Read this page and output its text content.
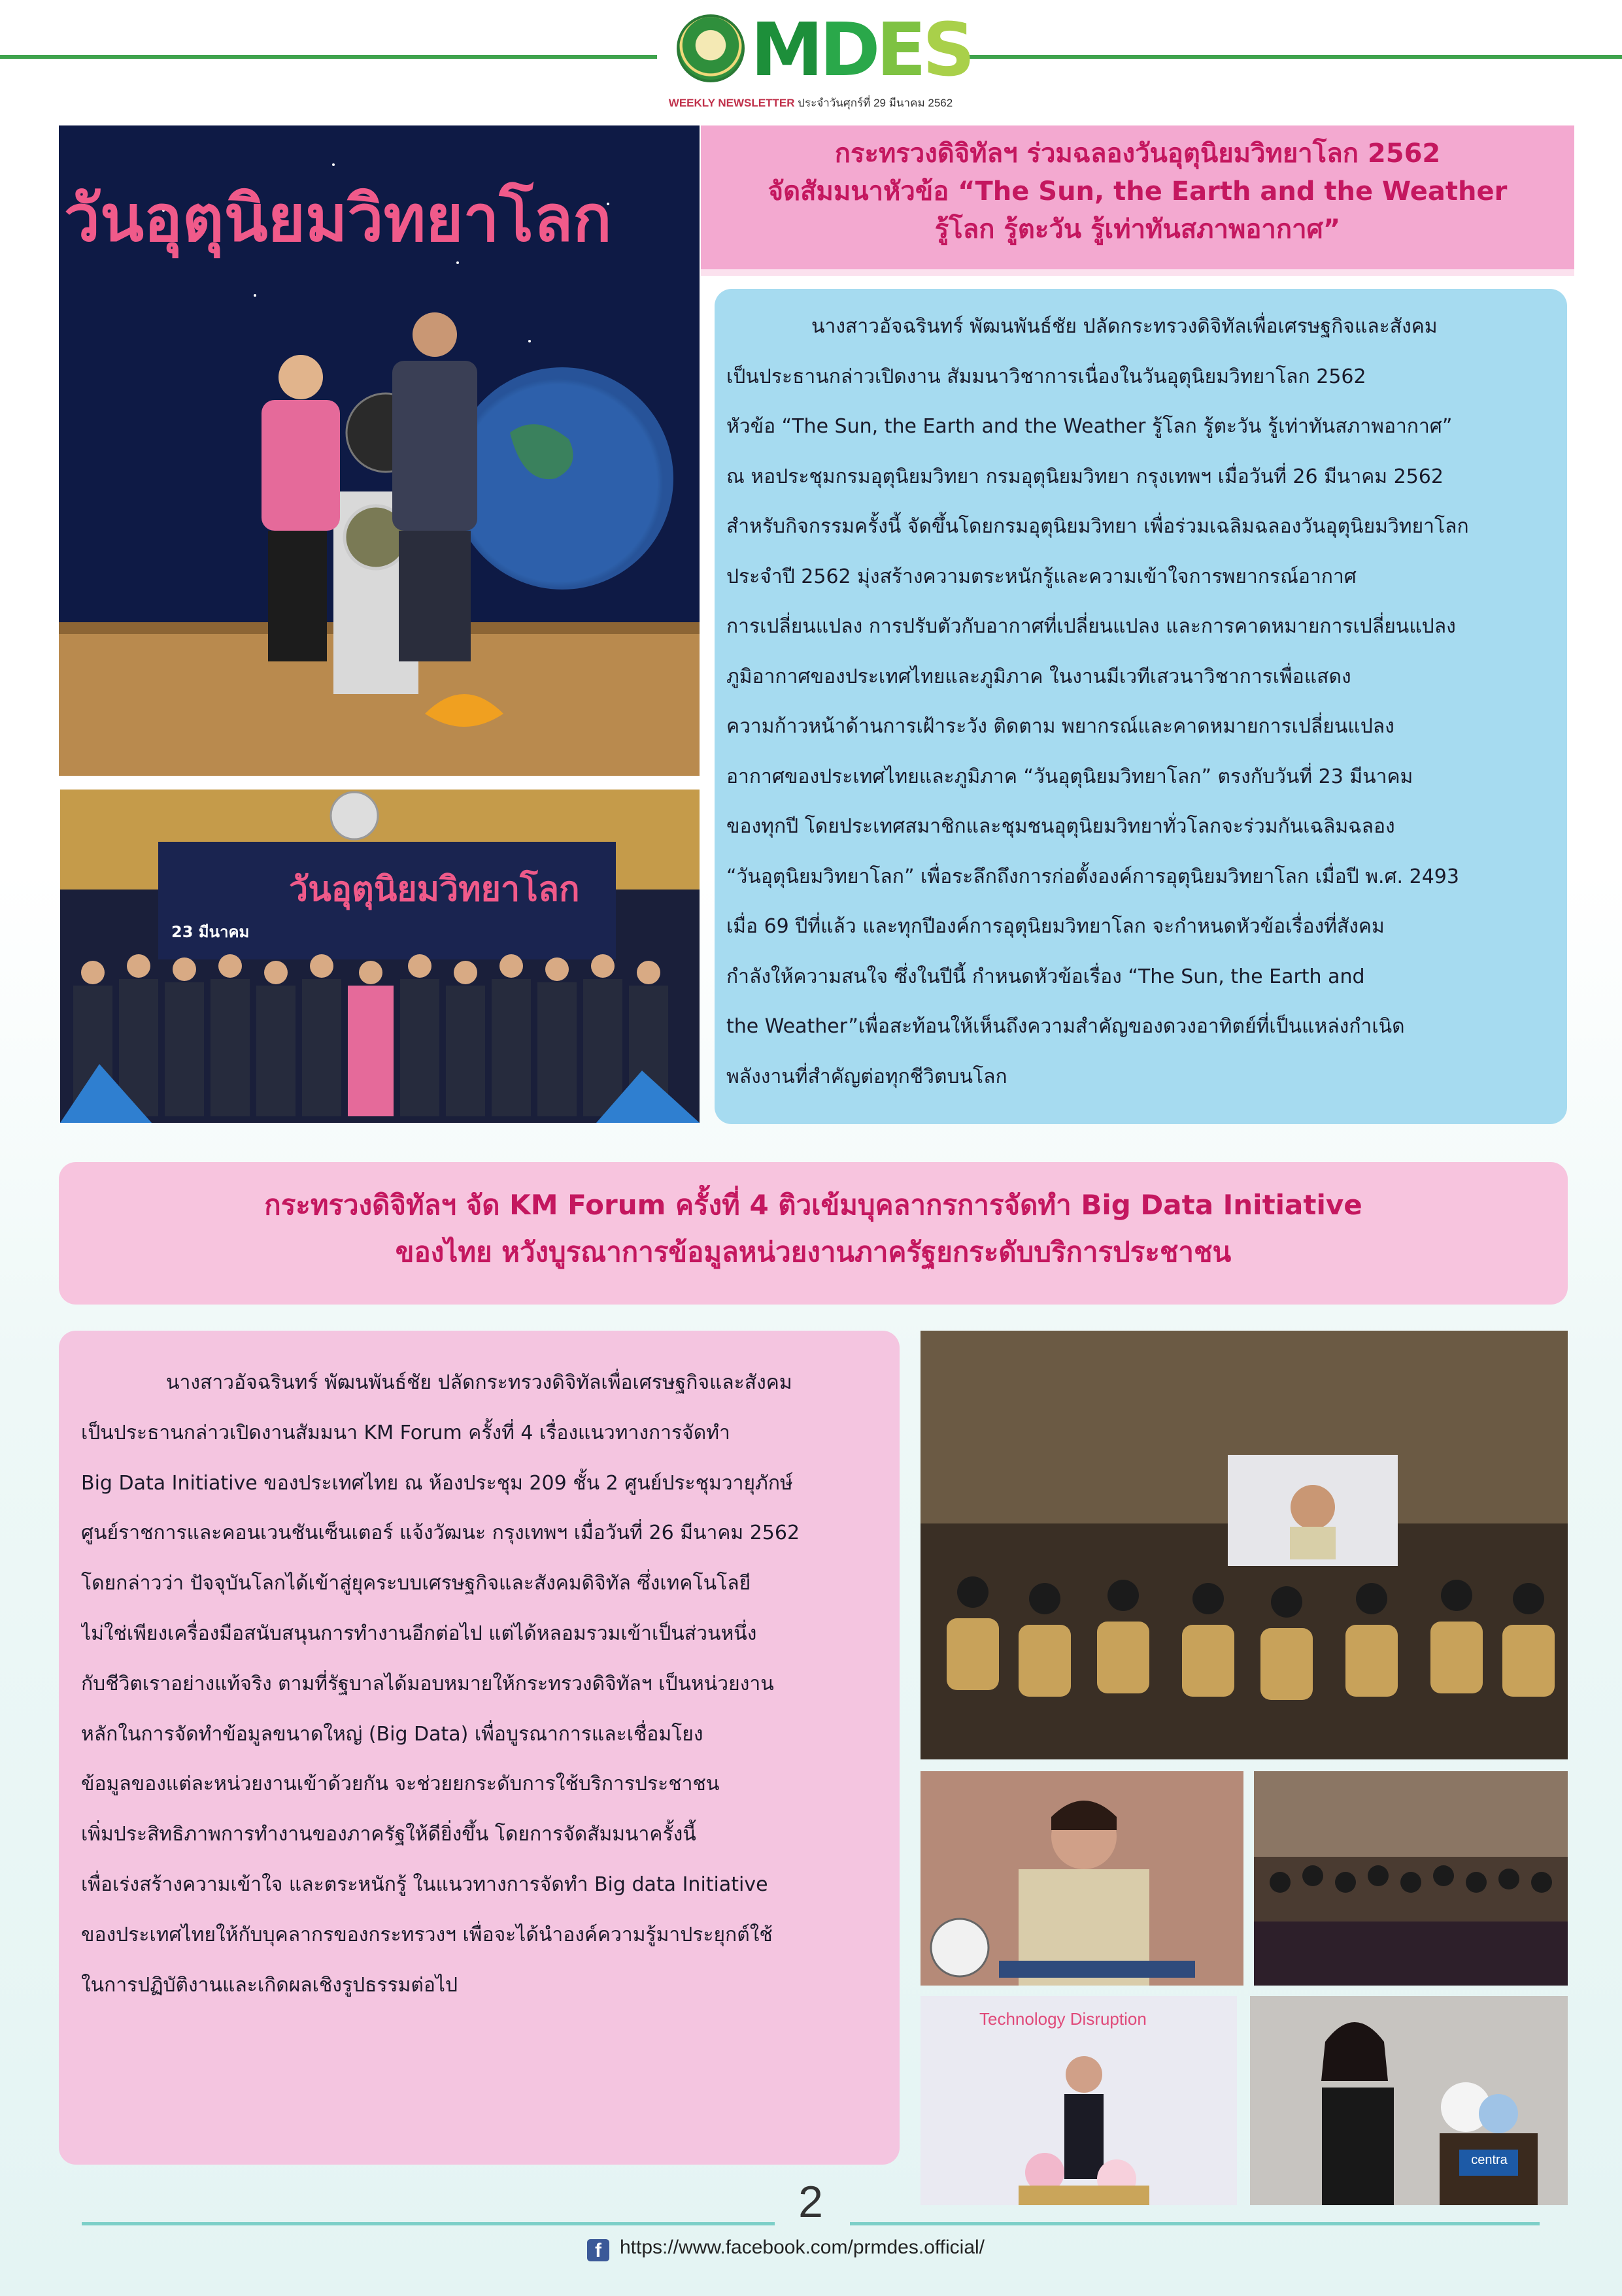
M D E S
WEEKLY NEWSLETTER ประจำวันศุกร์ที่ 29 มีนาคม 2562
วันอุตุนิยมวิทยาโลก
วันอุตุนิยมวิทยาโลก
23 มีนาคม
กระทรวงดิจิทัลฯ ร่วมฉลองวันอุตุนิยมวิทยาโลก 2562
จัดสัมมนาหัวข้อ “The Sun, the Earth and the Weather
รู้โลก รู้ตะวัน รู้เท่าทันสภาพอากาศ”
นางสาวอัจฉรินทร์ พัฒนพันธ์ชัย ปลัดกระทรวงดิจิทัลเพื่อเศรษฐกิจและสังคม
เป็นประธานกล่าวเปิดงาน สัมมนาวิชาการเนื่องในวันอุตุนิยมวิทยาโลก 2562
หัวข้อ “The Sun, the Earth and the Weather รู้โลก รู้ตะวัน รู้เท่าทันสภาพอากาศ”
ณ หอประชุมกรมอุตุนิยมวิทยา กรมอุตุนิยมวิทยา กรุงเทพฯ เมื่อวันที่ 26 มีนาคม 2562
สำหรับกิจกรรมครั้งนี้ จัดขึ้นโดยกรมอุตุนิยมวิทยา เพื่อร่วมเฉลิมฉลองวันอุตุนิยมวิทยาโลก
ประจำปี 2562 มุ่งสร้างความตระหนักรู้และความเข้าใจการพยากรณ์อากาศ
การเปลี่ยนแปลง การปรับตัวกับอากาศที่เปลี่ยนแปลง และการคาดหมายการเปลี่ยนแปลง
ภูมิอากาศของประเทศไทยและภูมิภาค ในงานมีเวทีเสวนาวิชาการเพื่อแสดง
ความก้าวหน้าด้านการเฝ้าระวัง ติดตาม พยากรณ์และคาดหมายการเปลี่ยนแปลง
อากาศของประเทศไทยและภูมิภาค “วันอุตุนิยมวิทยาโลก” ตรงกับวันที่ 23 มีนาคม
ของทุกปี โดยประเทศสมาชิกและชุมชนอุตุนิยมวิทยาทั่วโลกจะร่วมกันเฉลิมฉลอง
“วันอุตุนิยมวิทยาโลก” เพื่อระลึกถึงการก่อตั้งองค์การอุตุนิยมวิทยาโลก เมื่อปี พ.ศ. 2493
เมื่อ 69 ปีที่แล้ว และทุกปีองค์การอุตุนิยมวิทยาโลก จะกำหนดหัวข้อเรื่องที่สังคม
กำลังให้ความสนใจ ซึ่งในปีนี้ กำหนดหัวข้อเรื่อง “The Sun, the Earth and
the Weather”เพื่อสะท้อนให้เห็นถึงความสำคัญของดวงอาทิตย์ที่เป็นแหล่งกำเนิด
พลังงานที่สำคัญต่อทุกชีวิตบนโลก
กระทรวงดิจิทัลฯ จัด KM Forum ครั้งที่ 4 ติวเข้มบุคลากรการจัดทำ Big Data Initiative
ของไทย หวังบูรณาการข้อมูลหน่วยงานภาครัฐยกระดับบริการประชาชน
นางสาวอัจฉรินทร์ พัฒนพันธ์ชัย ปลัดกระทรวงดิจิทัลเพื่อเศรษฐกิจและสังคม
เป็นประธานกล่าวเปิดงานสัมมนา KM Forum ครั้งที่ 4 เรื่องแนวทางการจัดทำ
Big Data Initiative ของประเทศไทย ณ ห้องประชุม 209 ชั้น 2 ศูนย์ประชุมวายุภักษ์
ศูนย์ราชการและคอนเวนชันเซ็นเตอร์ แจ้งวัฒนะ กรุงเทพฯ เมื่อวันที่ 26 มีนาคม 2562
โดยกล่าวว่า ปัจจุบันโลกได้เข้าสู่ยุคระบบเศรษฐกิจและสังคมดิจิทัล ซึ่งเทคโนโลยี
ไม่ใช่เพียงเครื่องมือสนับสนุนการทำงานอีกต่อไป แต่ได้หลอมรวมเข้าเป็นส่วนหนึ่ง
กับชีวิตเราอย่างแท้จริง ตามที่รัฐบาลได้มอบหมายให้กระทรวงดิจิทัลฯ เป็นหน่วยงาน
หลักในการจัดทำข้อมูลขนาดใหญ่ (Big Data) เพื่อบูรณาการและเชื่อมโยง
ข้อมูลของแต่ละหน่วยงานเข้าด้วยกัน จะช่วยยกระดับการใช้บริการประชาชน
เพิ่มประสิทธิภาพการทำงานของภาครัฐให้ดียิ่งขึ้น โดยการจัดสัมมนาครั้งนี้
เพื่อเร่งสร้างความเข้าใจ และตระหนักรู้ ในแนวทางการจัดทำ Big data Initiative
ของประเทศไทยให้กับบุคลากรของกระทรวงฯ เพื่อจะได้นำองค์ความรู้มาประยุกต์ใช้
ในการปฏิบัติงานและเกิดผลเชิงรูปธรรมต่อไป
Technology Disruption
centra
2
f https://www.facebook.com/prmdes.official/
